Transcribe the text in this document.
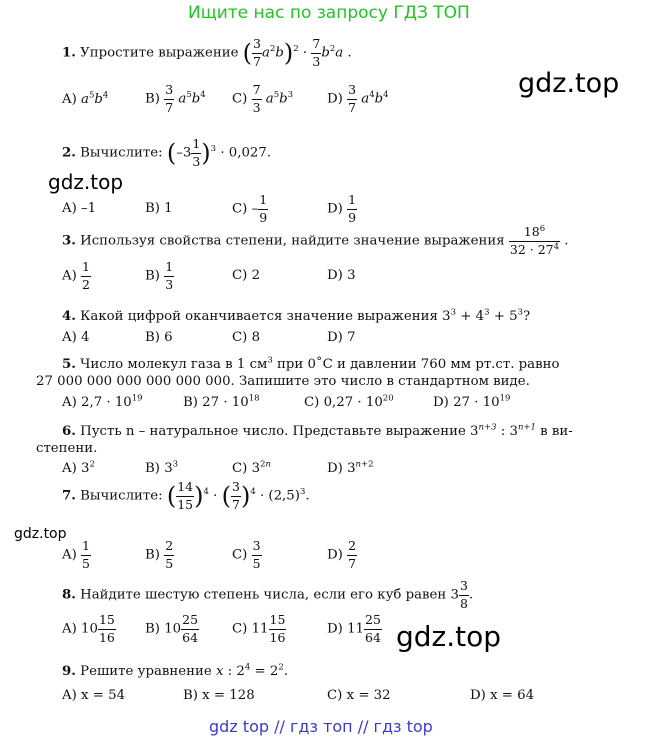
Ищите нас по запросу ГДЗ ТОП
gdz.top
gdz.top
gdz.top
gdz.top
1. Упростите выражение ( $\frac{3}{7} a^2b)^2 \cdot \frac{7}{3} b^2a$ .
A) $a^5b^4$	$B) \frac{3}{7} a^5b^4$ $C) \frac{7}{3} a^5b^3$	$D) \frac{3}{7} a^4b^4$
2. Вычислите: $(-3 \frac{1}{3} )^3 \cdot 0,027$.
A) –1	B) 1	$C) - \frac{1}{9}$	$D) \frac{1}{9}$
3. Используя свойства степени, найдите значение выражения $\frac{18^6}{32 \cdot 27^4}$ .
$A) \frac{1}{2}$	$B) \frac{1}{3}$	C) 2	D) 3
4. Какой цифрой оканчивается значение выражения $3^3 + 4^3 + 5^3$?
A) 4	B) 6	C) 8	D) 7
5. Число молекул газа в 1 $см^3$ при 0˚С и давлении 760 мм рт.ст. равно
27 000 000 000 000 000 000. Запишите это число в стандартном виде.
A) $2,7 \cdot 10^{19}$	B) $27 \cdot 10^{18}$	C) $0,27 \cdot 10^{20}$	D) $27 \cdot 10^{19}$
6. Пусть n – натуральное число. Представьте выражение $3^{n+3}$ : $3^{n+1}$ в ви-
степени.
A) $3^2$	B) $3^3$	C) $3^{2n}$	D) $3^{n+2}$
7. Вычислите: ( $\frac{14}{15} )^4$ · ( $\frac{3}{7} )^4 \cdot (2,5)^3$.
$A) \frac{1}{5}$	$B) \frac{2}{5}$	$C) \frac{3}{5}$	$D) \frac{2}{7}$
8. Найдите шестую степень числа, если его куб равен $3 \frac{3}{8}$ .
A) $10 \frac{15}{16} B$) $10 \frac{25}{64} C$) $11 \frac{15}{16}$	D) $11 \frac{25}{64}$
9. Решите уравнение x : $2^4 = 2^2$.
A) x = 54	B) x = 128	C) x = 32	D) x = 64
gdz top // гдз топ // гдз top
